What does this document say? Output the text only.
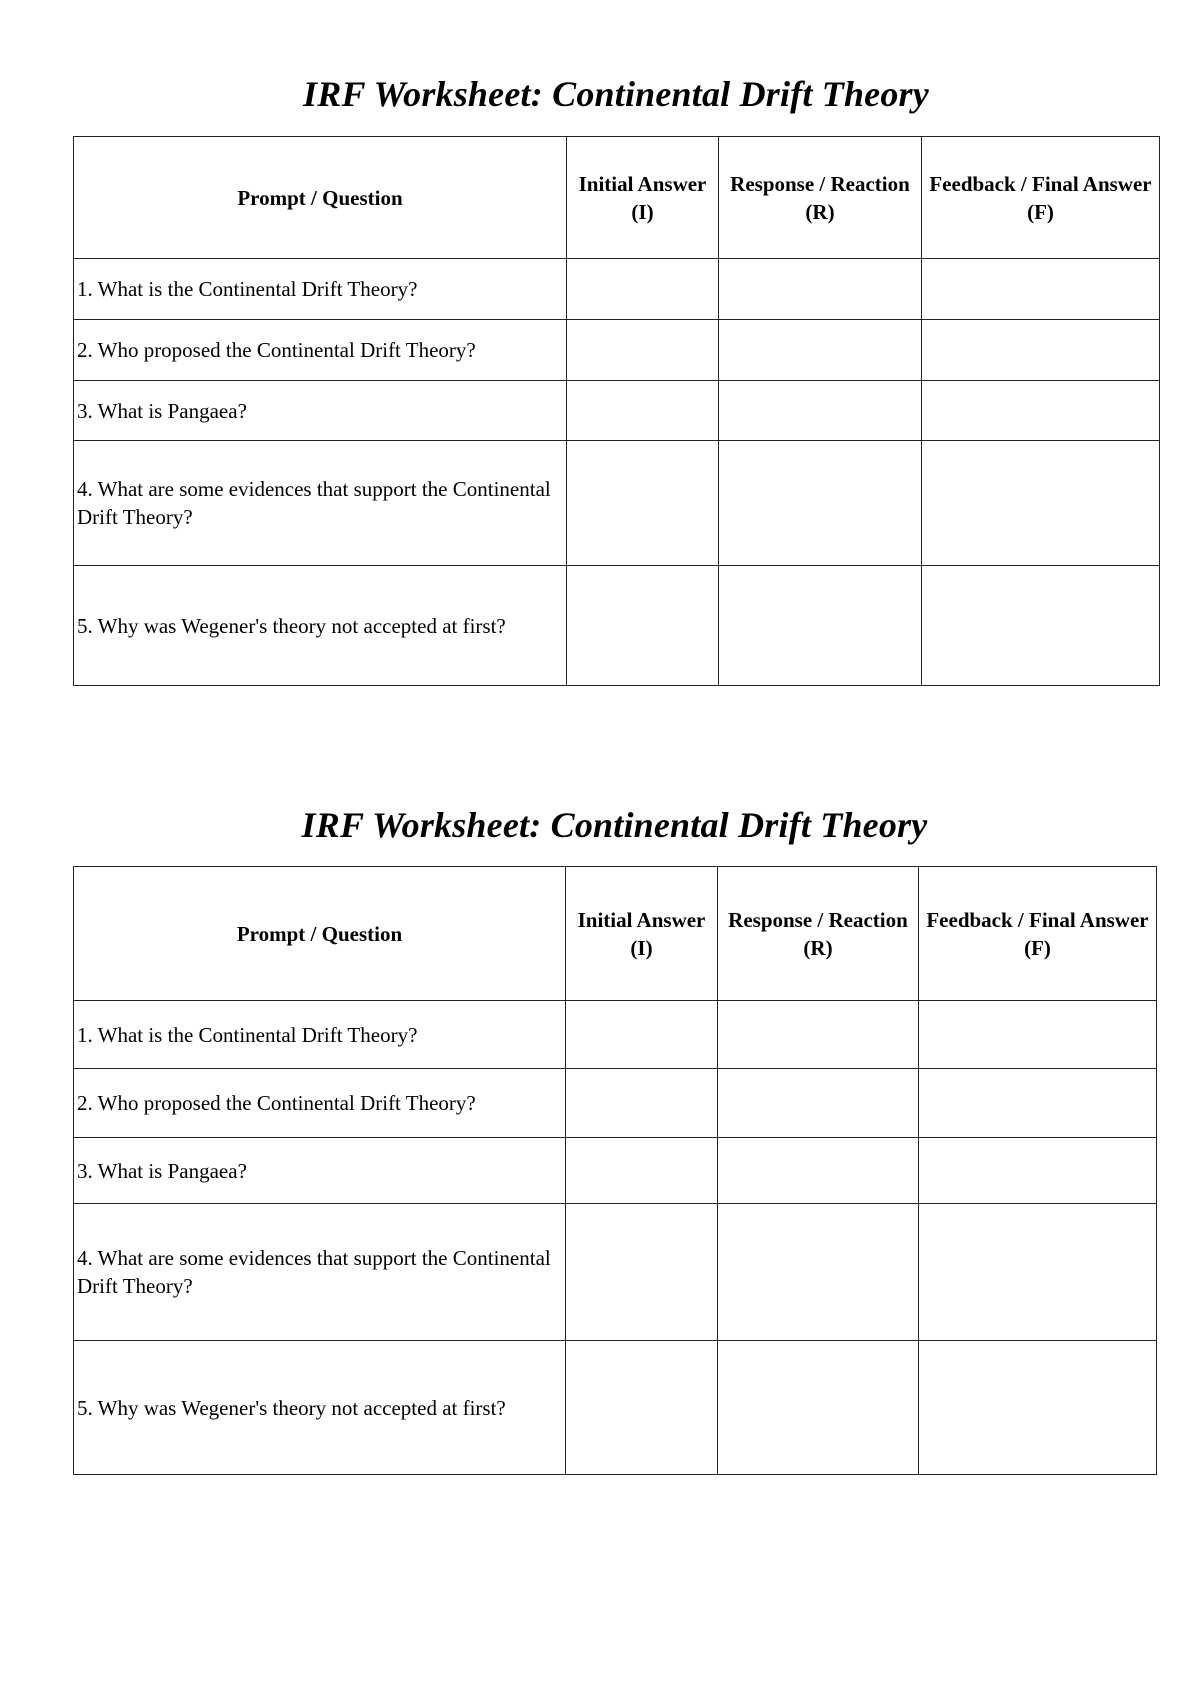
IRF Worksheet: Continental Drift Theory
Prompt / Question	Initial Answer (I)	Response / Reaction (R)	Feedback / Final Answer (F)
1. What is the Continental Drift Theory?			
2. Who proposed the Continental Drift Theory?			
3. What is Pangaea?			
4. What are some evidences that support the Continental Drift Theory?			
5. Why was Wegener's theory not accepted at first?			
IRF Worksheet: Continental Drift Theory
Prompt / Question	Initial Answer (I)	Response / Reaction (R)	Feedback / Final Answer (F)
1. What is the Continental Drift Theory?			
2. Who proposed the Continental Drift Theory?			
3. What is Pangaea?			
4. What are some evidences that support the Continental Drift Theory?			
5. Why was Wegener's theory not accepted at first?			
